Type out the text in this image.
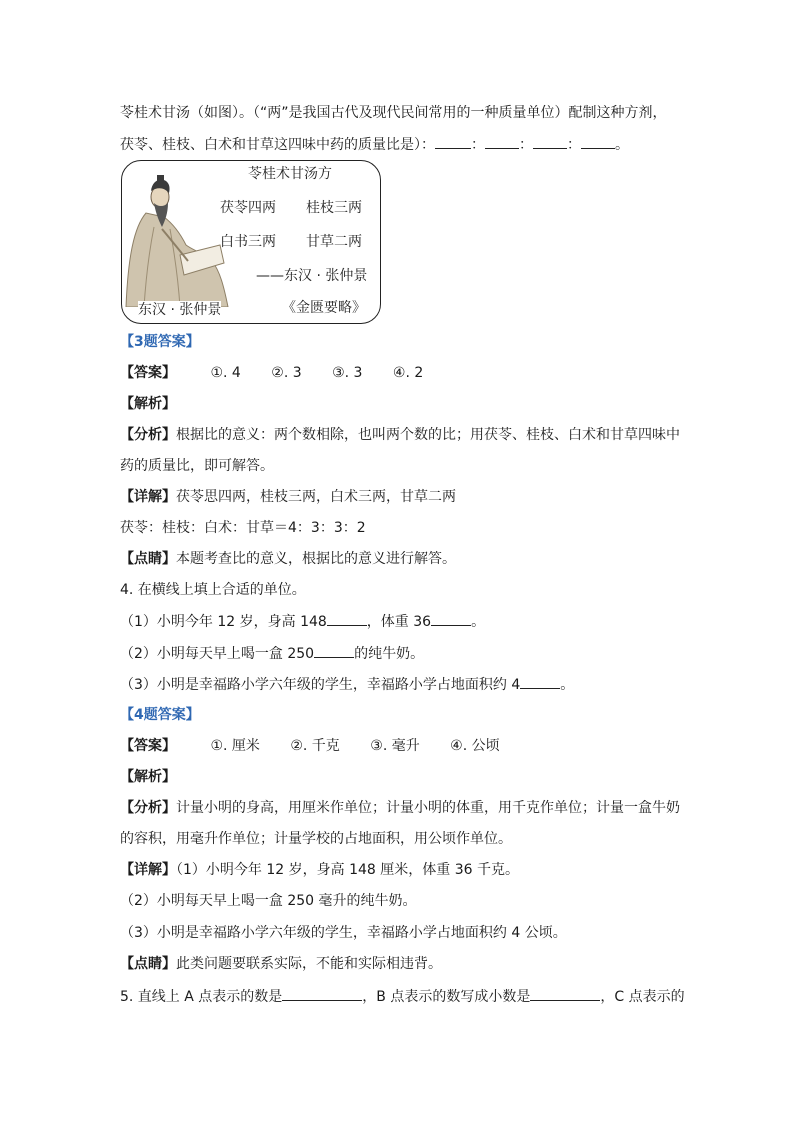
苓桂术甘汤（如图）。（“两”是我国古代及现代民间常用的一种质量单位）配制这种方剂，
茯苓、桂枝、白术和甘草这四味中药的质量比是）：	： ： ： 。
苓桂术甘汤方
茯苓四两 桂枝三两
白书三两 甘草二两
——东汉 · 张仲景
东汉 · 张仲景	《金匮要略》
【3题答案】
【答案】 ①. 4 ②. 3 ③. 3 ④. 2
【解析】
【分析】根据比的意义：两个数相除，也叫两个数的比；用茯苓、桂枝、白术和甘草四味中
药的质量比，即可解答。
【详解】茯苓思四两，桂枝三两，白术三两，甘草二两
茯苓：桂枝：白术：甘草＝4：3：3：2
【点睛】本题考查比的意义，根据比的意义进行解答。
4. 在横线上填上合适的单位。
（1）小明今年 12 岁，身高 148	，体重 36	。
（2）小明每天早上喝一盒 250	的纯牛奶。
（3）小明是幸福路小学六年级的学生，幸福路小学占地面积约 4	。
【4题答案】
【答案】 ①. 厘米 ②. 千克 ③. 毫升 ④. 公顷
【解析】
【分析】计量小明的身高，用厘米作单位；计量小明的体重，用千克作单位；计量一盒牛奶
的容积，用毫升作单位；计量学校的占地面积，用公顷作单位。
【详解】（1）小明今年 12 岁，身高 148 厘米，体重 36 千克。
（2）小明每天早上喝一盒 250 毫升的纯牛奶。
（3）小明是幸福路小学六年级的学生，幸福路小学占地面积约 4 公顷。
【点睛】此类问题要联系实际，不能和实际相违背。
5. 直线上 A 点表示的数是	，B 点表示的数写成小数是	，C 点表示的
